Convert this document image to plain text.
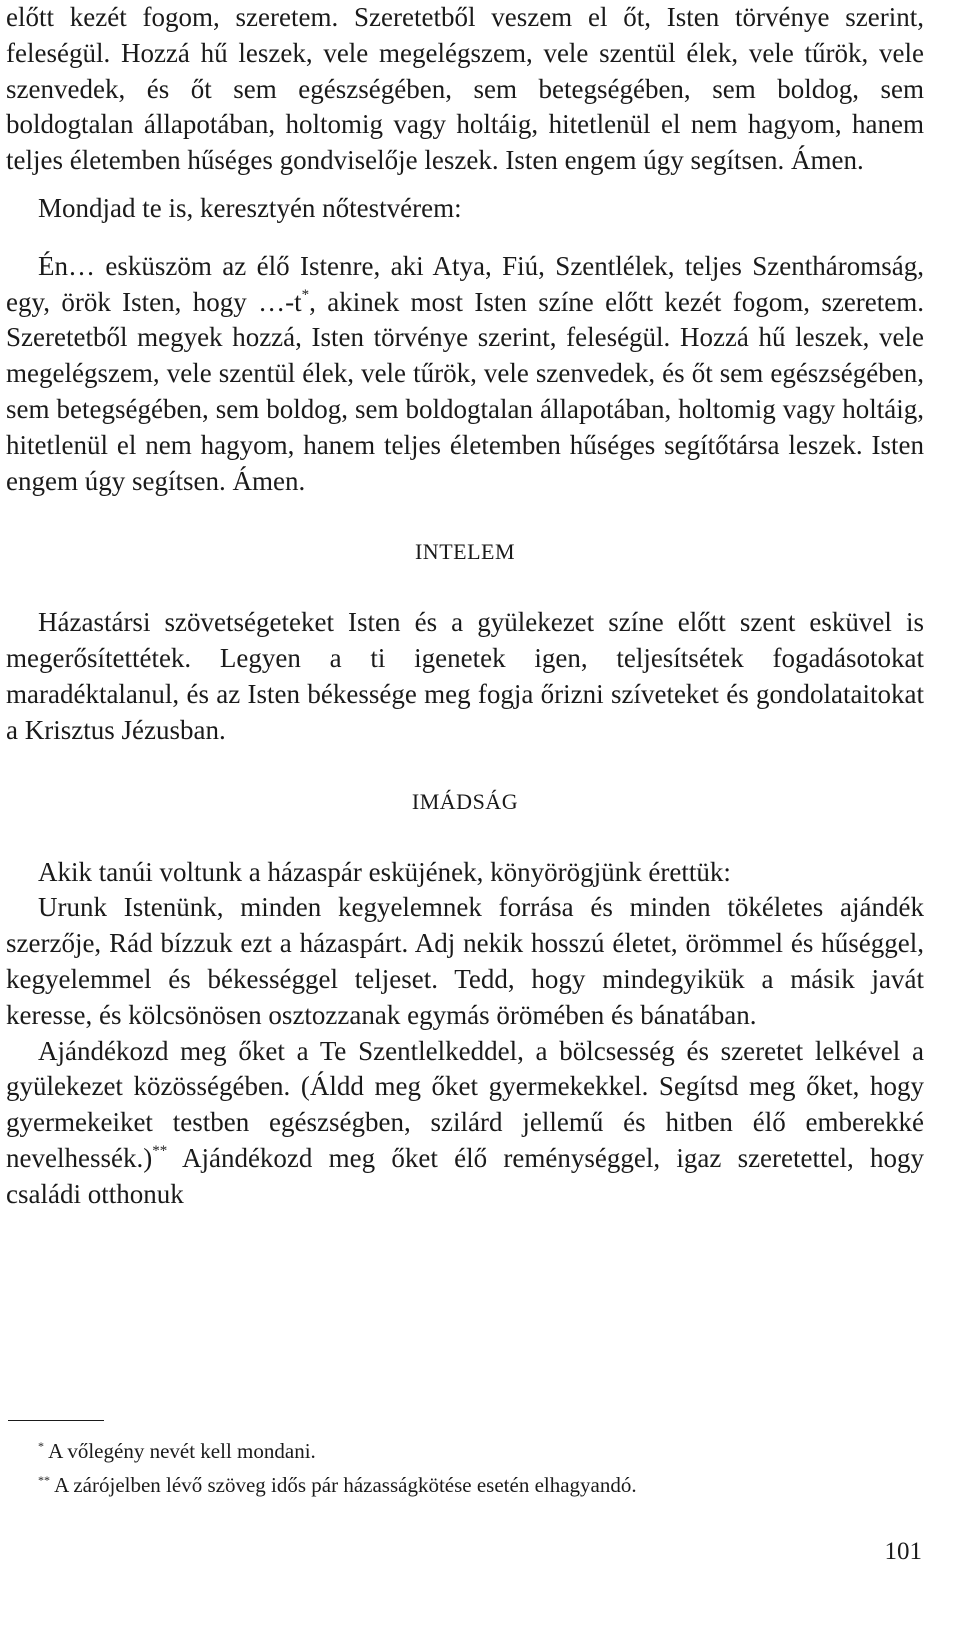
előtt kezét fogom, szeretem. Szeretetből veszem el őt, Isten törvénye szerint, feleségül. Hozzá hű leszek, vele megelégszem, vele szentül élek, vele tűrök, vele szenvedek, és őt sem egészségében, sem betegségében, sem boldog, sem boldogtalan állapotában, holtomig vagy holtáig, hitetlenül el nem hagyom, hanem teljes életemben hűséges gondviselője leszek. Isten engem úgy segítsen. Ámen.

Mondjad te is, keresztyén nőtestvérem:

Én… esküszöm az élő Istenre, aki Atya, Fiú, Szentlélek, teljes Szentháromság, egy, örök Isten, hogy …-t*, akinek most Isten színe előtt kezét fogom, szeretem. Szeretetből megyek hozzá, Isten törvénye szerint, feleségül. Hozzá hű leszek, vele megelégszem, vele szentül élek, vele tűrök, vele szenvedek, és őt sem egészségében, sem betegségében, sem boldog, sem boldogtalan állapotában, holtomig vagy holtáig, hitetlenül el nem hagyom, hanem teljes életemben hűséges segítőtársa leszek. Isten engem úgy segítsen. Ámen.

INTELEM

Házastársi szövetségeteket Isten és a gyülekezet színe előtt szent esküvel is megerősítettétek. Legyen a ti igenetek igen, teljesítsétek fogadásotokat maradéktalanul, és az Isten békessége meg fogja őrizni szíveteket és gondolataitokat a Krisztus Jézusban.

IMÁDSÁG

Akik tanúi voltunk a házaspár esküjének, könyörögjünk érettük:

Urunk Istenünk, minden kegyelemnek forrása és minden tökéletes ajándék szerzője, Rád bízzuk ezt a házaspárt. Adj nekik hosszú életet, örömmel és hűséggel, kegyelemmel és békességgel teljeset. Tedd, hogy mindegyikük a másik javát keresse, és kölcsönösen osztozzanak egymás örömében és bánatában.

Ajándékozd meg őket a Te Szentlelkeddel, a bölcsesség és szeretet lelkével a gyülekezet közösségében. (Áldd meg őket gyermekekkel. Segítsd meg őket, hogy gyermekeiket testben egészségben, szilárd jellemű és hitben élő emberekké nevelhessék.)** Ajándékozd meg őket élő reménységgel, igaz szeretettel, hogy családi otthonuk

* A vőlegény nevét kell mondani.
** A zárójelben lévő szöveg idős pár házasságkötése esetén elhagyandó.
101
